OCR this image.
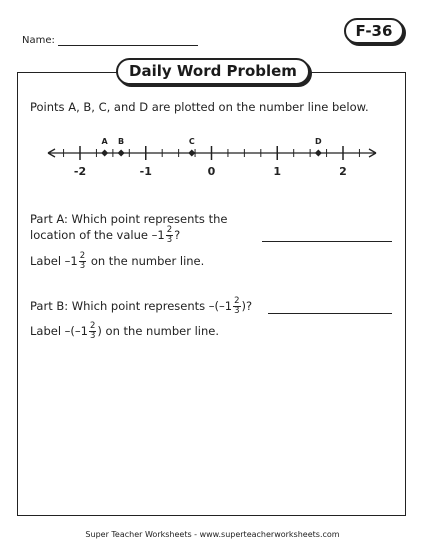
Name:
F-36
Daily Word Problem
Points A, B, C, and D are plotted on the number line below.
-2	-1	0	1	2
A B	C	D
Part A: Which point represents the
location of the value $-1 \frac{2}{3}$ ?
Label $-1 \frac{2}{3}$ on the number line.
Part B: Which point represents $-(-1 \frac{2}{3}$ )?
Label $-(-1 \frac{2}{3}$ ) on the number line.
Super Teacher Worksheets - www.superteacherworksheets.com
